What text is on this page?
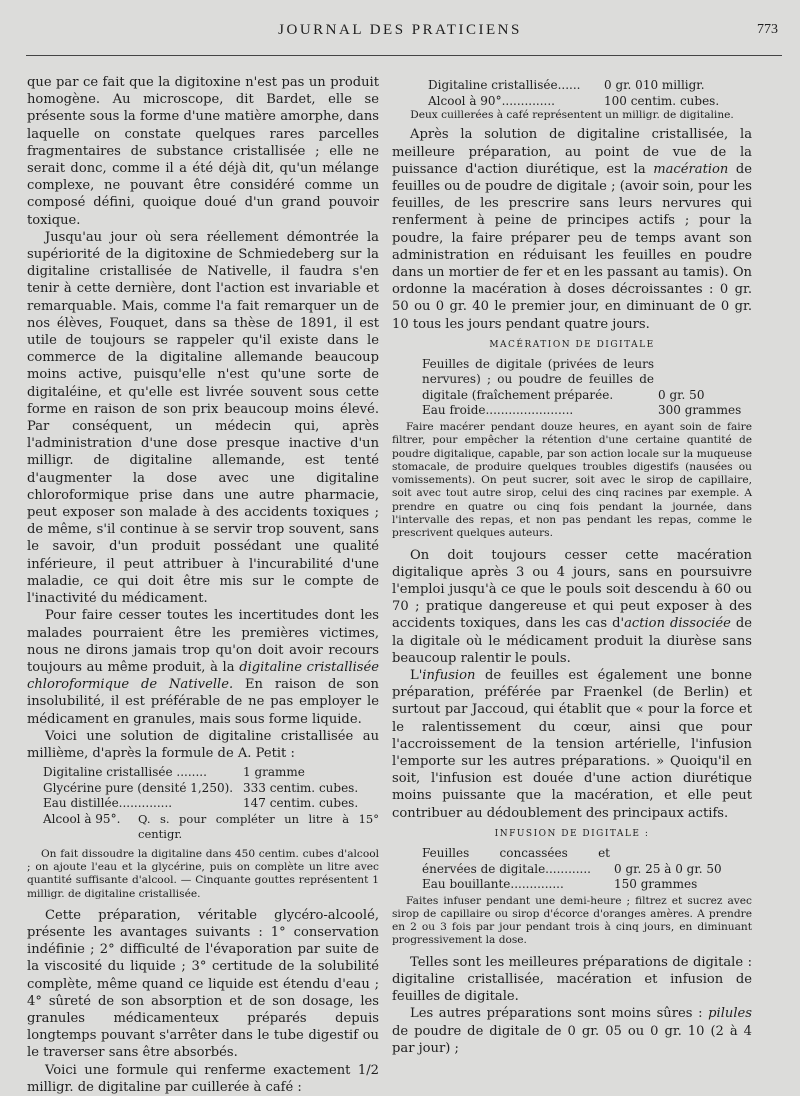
JOURNAL DES PRATICIENS	773

que par ce fait que la digitoxine n'est pas un produit homogène. Au microscope, dit Bardet, elle se présente sous la forme d'une matière amorphe, dans laquelle on constate quelques rares parcelles fragmentaires de substance cristallisée ; elle ne serait donc, comme il a été déjà dit, qu'un mélange complexe, ne pouvant être considéré comme un composé défini, quoique doué d'un grand pouvoir toxique.

Jusqu'au jour où sera réellement démontrée la supériorité de la digitoxine de Schmiedeberg sur la digitaline cristallisée de Nativelle, il faudra s'en tenir à cette dernière, dont l'action est invariable et remarquable. Mais, comme l'a fait remarquer un de nos élèves, Fouquet, dans sa thèse de 1891, il est utile de toujours se rappeler qu'il existe dans le commerce de la digitaline allemande beaucoup moins active, puisqu'elle n'est qu'une sorte de digitaléine, et qu'elle est livrée souvent sous cette forme en raison de son prix beaucoup moins élevé. Par conséquent, un médecin qui, après l'administration d'une dose presque inactive d'un milligr. de digitaline allemande, est tenté d'augmenter la dose avec une digitaline chloroformique prise dans une autre pharmacie, peut exposer son malade à des accidents toxiques ; de même, s'il continue à se servir trop souvent, sans le savoir, d'un produit possédant une qualité inférieure, il peut attribuer à l'incurabilité d'une maladie, ce qui doit être mis sur le compte de l'inactivité du médicament.

Pour faire cesser toutes les incertitudes dont les malades pourraient être les premières victimes, nous ne dirons jamais trop qu'on doit avoir recours toujours au même produit, à la digitaline cristallisée chloroformique de Nativelle. En raison de son insolubilité, il est préférable de ne pas employer le médicament en granules, mais sous forme liquide.

Voici une solution de digitaline cristallisée au millième, d'après la formule de A. Petit :

Digitaline cristallisée ........	1 gramme
Glycérine pure (densité 1,250). 333 centim. cubes.
Eau distillée..............	147 centim. cubes.
Alcool à 95°.	Q. s. pour compléter un litre à 15° centigr.

On fait dissoudre la digitaline dans 450 centim. cubes d'alcool ; on ajoute l'eau et la glycérine, puis on complète un litre avec quantité suffisante d'alcool. — Cinquante gouttes représentent 1 milligr. de digitaline cristallisée.

Cette préparation, véritable glycéro-alcoolé, présente les avantages suivants : 1° conservation indéfinie ; 2° difficulté de l'évaporation par suite de la viscosité du liquide ; 3° certitude de la solubilité complète, même quand ce liquide est étendu d'eau ; 4° sûreté de son absorption et de son dosage, les granules médicamenteux préparés depuis longtemps pouvant s'arrêter dans le tube digestif ou le traverser sans être absorbés.

Voici une formule qui renferme exactement 1/2 milligr. de digitaline par cuillerée à café :

Digitaline cristallisée......	0 gr. 010 milligr.
Alcool à 90°..............	100 centim. cubes.

Deux cuillerées à café représentent un milligr. de digitaline.

Après la solution de digitaline cristallisée, la meilleure préparation, au point de vue de la puissance d'action diurétique, est la macération de feuilles ou de poudre de digitale ; (avoir soin, pour les feuilles, de les prescrire sans leurs nervures qui renferment à peine de principes actifs ; pour la poudre, la faire préparer peu de temps avant son administration en réduisant les feuilles en poudre dans un mortier de fer et en les passant au tamis). On ordonne la macération à doses décroissantes : 0 gr. 50 ou 0 gr. 40 le premier jour, en diminuant de 0 gr. 10 tous les jours pendant quatre jours.

MACÉRATION DE DIGITALE
Feuilles de digitale (privées de leurs nervures) ; ou poudre de feuilles de digitale (fraîchement préparée.	0 gr. 50
Eau froide.......................	300 grammes

Faire macérer pendant douze heures, en ayant soin de faire filtrer, pour empêcher la rétention d'une certaine quantité de poudre digitalique, capable, par son action locale sur la muqueuse stomacale, de produire quelques troubles digestifs (nausées ou vomissements). On peut sucrer, soit avec le sirop de capillaire, soit avec tout autre sirop, celui des cinq racines par exemple. A prendre en quatre ou cinq fois pendant la journée, dans l'intervalle des repas, et non pas pendant les repas, comme le prescrivent quelques auteurs.

On doit toujours cesser cette macération digitalique après 3 ou 4 jours, sans en poursuivre l'emploi jusqu'à ce que le pouls soit descendu à 60 ou 70 ; pratique dangereuse et qui peut exposer à des accidents toxiques, dans les cas d'action dissociée de la digitale où le médicament produit la diurèse sans beaucoup ralentir le pouls.

L'infusion de feuilles est également une bonne préparation, préférée par Fraenkel (de Berlin) et surtout par Jaccoud, qui établit que « pour la force et le ralentissement du cœur, ainsi que pour l'accroissement de la tension artérielle, l'infusion l'emporte sur les autres préparations. » Quoiqu'il en soit, l'infusion est douée d'une action diurétique moins puissante que la macération, et elle peut contribuer au dédoublement des principaux actifs.

INFUSION DE DIGITALE :
Feuilles concassées et énervées de digitale............	0 gr. 25 à 0 gr. 50
Eau bouillante..............	150 grammes

Faites infuser pendant une demi-heure ; filtrez et sucrez avec sirop de capillaire ou sirop d'écorce d'oranges amères. A prendre en 2 ou 3 fois par jour pendant trois à cinq jours, en diminuant progressivement la dose.

Telles sont les meilleures préparations de digitale : digitaline cristallisée, macération et infusion de feuilles de digitale.

Les autres préparations sont moins sûres : pilules de poudre de digitale de 0 gr. 05 ou 0 gr. 10 (2 à 4 par jour) ;
